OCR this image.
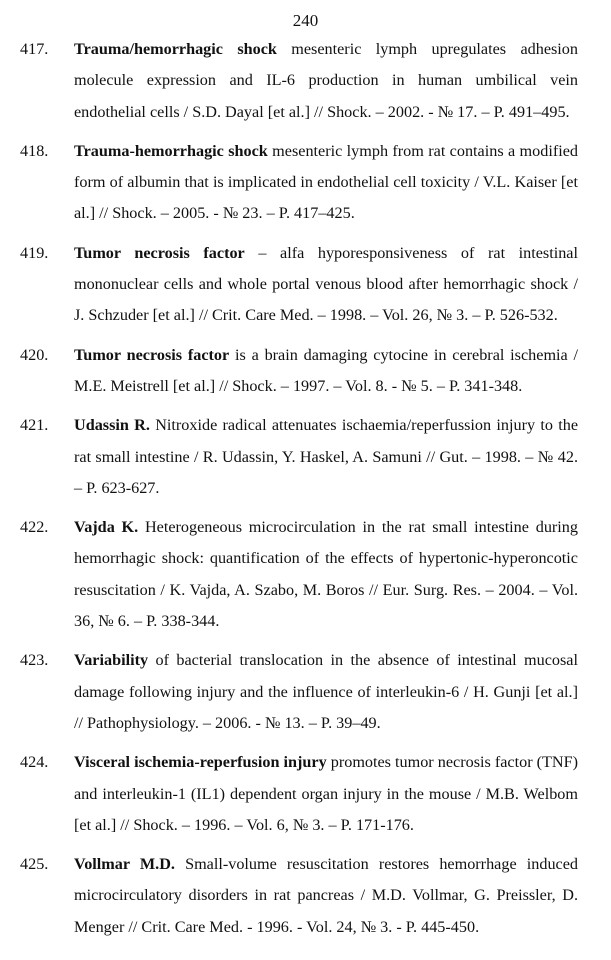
240
417. Trauma/hemorrhagic shock mesenteric lymph upregulates adhesion molecule expression and IL-6 production in human umbilical vein endothelial cells / S.D. Dayal [et al.] // Shock. – 2002. - № 17. – P. 491–495.
418. Trauma-hemorrhagic shock mesenteric lymph from rat contains a modified form of albumin that is implicated in endothelial cell toxicity / V.L. Kaiser [et al.] // Shock. – 2005. - № 23. – P. 417–425.
419. Tumor necrosis factor – alfa hyporesponsiveness of rat intestinal mononuclear cells and whole portal venous blood after hemorrhagic shock / J. Schzuder [et al.] // Crit. Care Med. – 1998. – Vol. 26, № 3. – P. 526-532.
420. Tumor necrosis factor is a brain damaging cytocine in cerebral ischemia / M.E. Meistrell [et al.] // Shock. – 1997. – Vol. 8. - № 5. – P. 341-348.
421. Udassin R. Nitroxide radical attenuates ischaemia/reperfussion injury to the rat small intestine / R. Udassin, Y. Haskel, A. Samuni // Gut. – 1998. – № 42. – P. 623-627.
422. Vajda K. Heterogeneous microcirculation in the rat small intestine during hemorrhagic shock: quantification of the effects of hypertonic-hyperoncotic resuscitation / K. Vajda, A. Szabo, M. Boros // Eur. Surg. Res. – 2004. – Vol. 36, № 6. – P. 338-344.
423. Variability of bacterial translocation in the absence of intestinal mucosal damage following injury and the influence of interleukin-6 / H. Gunji [et al.] // Pathophysiology. – 2006. - № 13. – P. 39–49.
424. Visceral ischemia-reperfusion injury promotes tumor necrosis factor (TNF) and interleukin-1 (IL1) dependent organ injury in the mouse / M.B. Welbom [et al.] // Shock. – 1996. – Vol. 6, № 3. – P. 171-176.
425. Vollmar M.D. Small-volume resuscitation restores hemorrhage induced microcirculatory disorders in rat pancreas / M.D. Vollmar, G. Preissler, D. Menger // Crit. Care Med. - 1996. - Vol. 24, № 3. - P. 445-450.
